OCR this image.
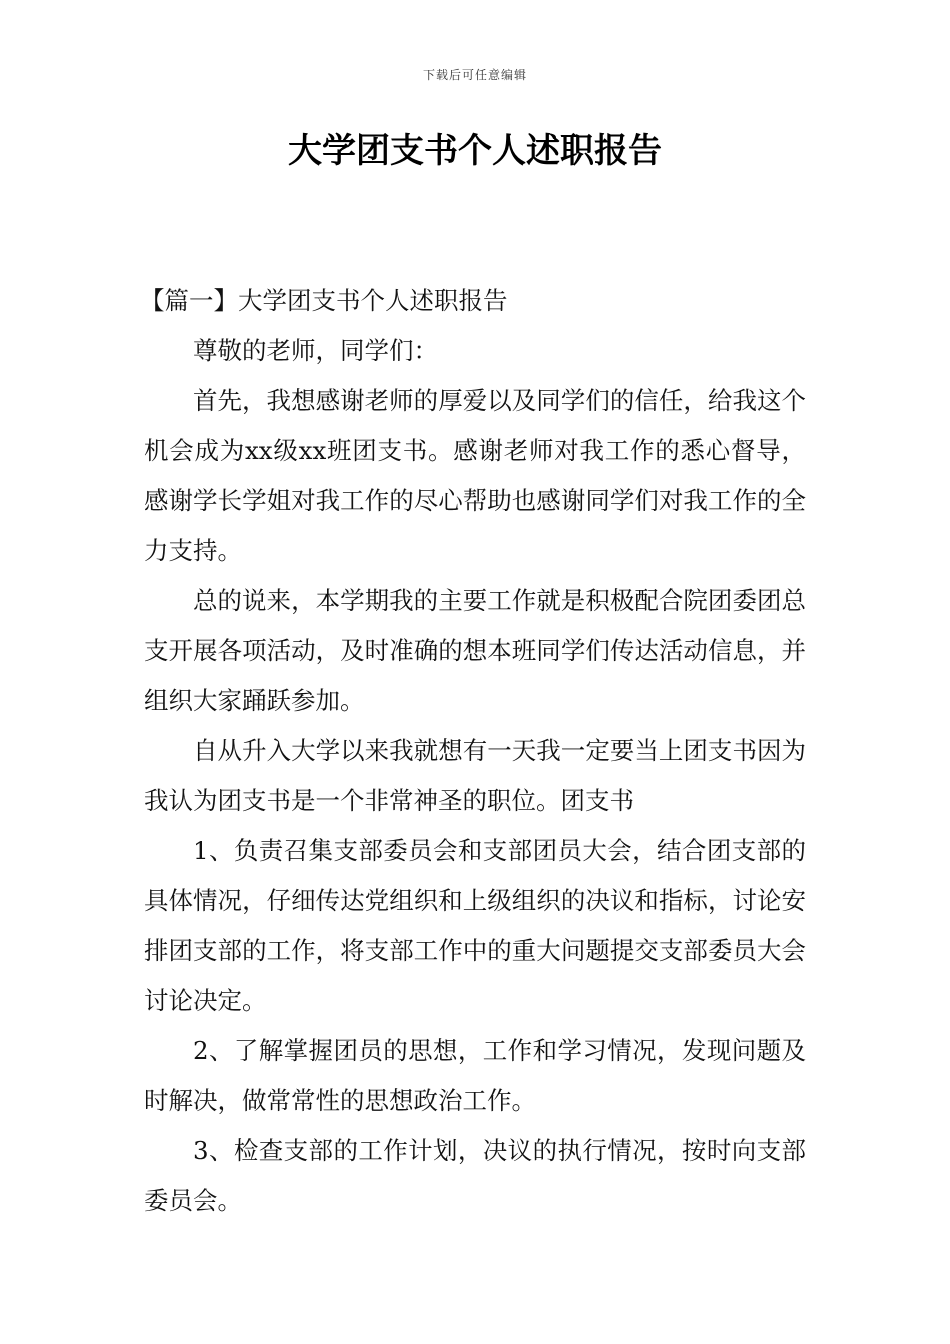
下载后可任意编辑
大学团支书个人述职报告

【篇一】大学团支书个人述职报告

尊敬的老师，同学们：

首先，我想感谢老师的厚爱以及同学们的信任，给我这个机会成为xx级xx班团支书。感谢老师对我工作的悉心督导，感谢学长学姐对我工作的尽心帮助也感谢同学们对我工作的全力支持。

总的说来，本学期我的主要工作就是积极配合院团委团总支开展各项活动，及时准确的想本班同学们传达活动信息，并组织大家踊跃参加。

自从升入大学以来我就想有一天我一定要当上团支书因为我认为团支书是一个非常神圣的职位。团支书

1、负责召集支部委员会和支部团员大会，结合团支部的具体情况，仔细传达党组织和上级组织的决议和指标，讨论安排团支部的工作，将支部工作中的重大问题提交支部委员大会讨论决定。

2、了解掌握团员的思想，工作和学习情况，发现问题及时解决，做常常性的思想政治工作。

3、检查支部的工作计划，决议的执行情况，按时向支部委员会。
